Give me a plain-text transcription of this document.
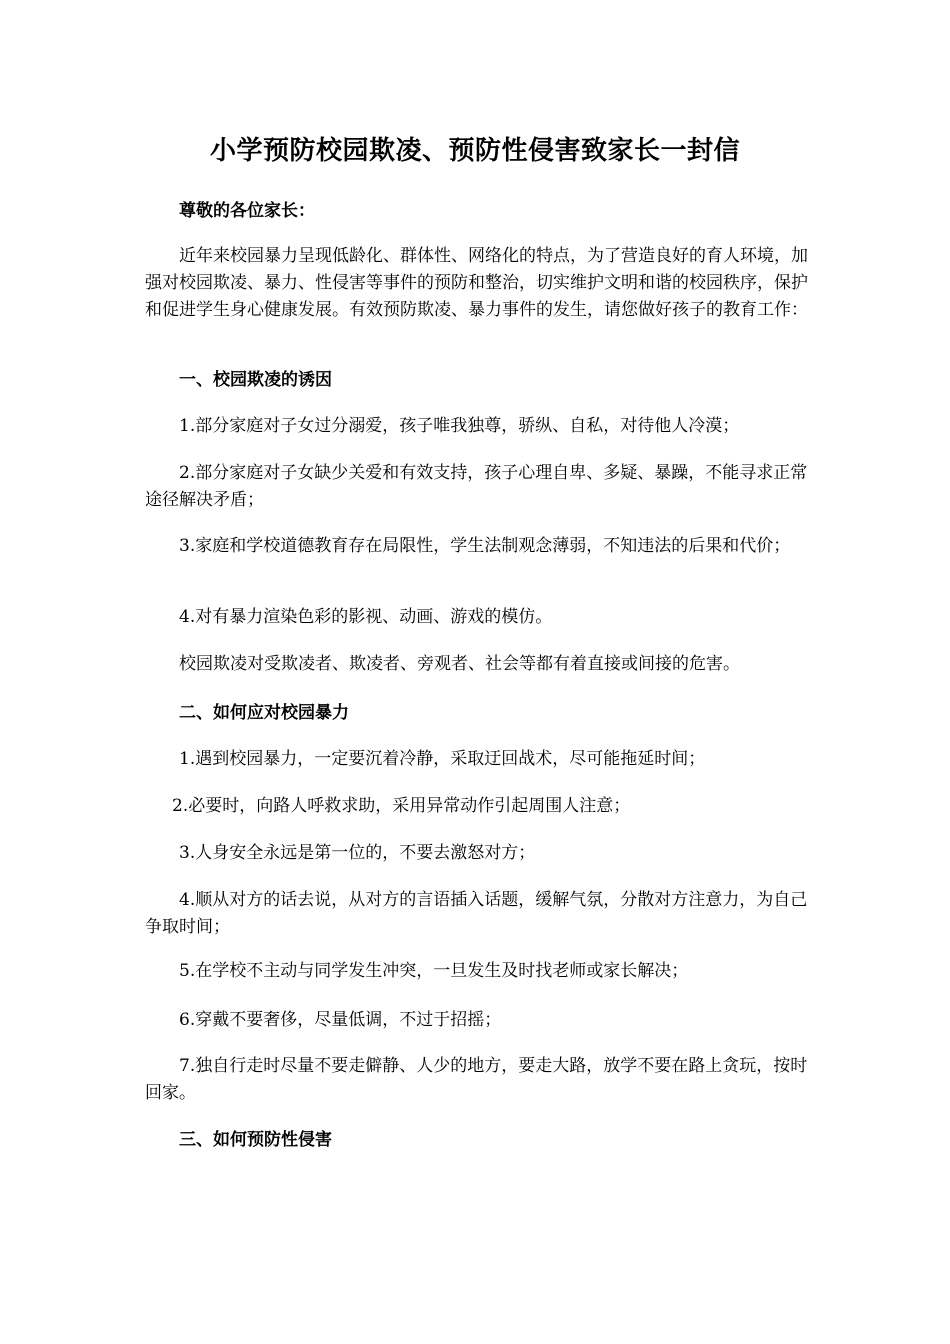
小学预防校园欺凌、预防性侵害致家长一封信
尊敬的各位家长：
近年来校园暴力呈现低龄化、群体性、网络化的特点，为了营造良好的育人环境，加强对校园欺凌、暴力、性侵害等事件的预防和整治，切实维护文明和谐的校园秩序，保护和促进学生身心健康发展。有效预防欺凌、暴力事件的发生，请您做好孩子的教育工作：
一、校园欺凌的诱因
1.部分家庭对子女过分溺爱，孩子唯我独尊，骄纵、自私，对待他人冷漠；
2.部分家庭对子女缺少关爱和有效支持，孩子心理自卑、多疑、暴躁，不能寻求正常途径解决矛盾；
3.家庭和学校道德教育存在局限性，学生法制观念薄弱，不知违法的后果和代价；
4.对有暴力渲染色彩的影视、动画、游戏的模仿。
校园欺凌对受欺凌者、欺凌者、旁观者、社会等都有着直接或间接的危害。
二、如何应对校园暴力
1.遇到校园暴力，一定要沉着冷静，采取迂回战术，尽可能拖延时间；
2.必要时，向路人呼救求助，采用异常动作引起周围人注意；
3.人身安全永远是第一位的，不要去激怒对方；
4.顺从对方的话去说，从对方的言语插入话题，缓解气氛，分散对方注意力，为自己争取时间；
5.在学校不主动与同学发生冲突，一旦发生及时找老师或家长解决；
6.穿戴不要奢侈，尽量低调，不过于招摇；
7.独自行走时尽量不要走僻静、人少的地方，要走大路，放学不要在路上贪玩，按时回家。
三、如何预防性侵害
